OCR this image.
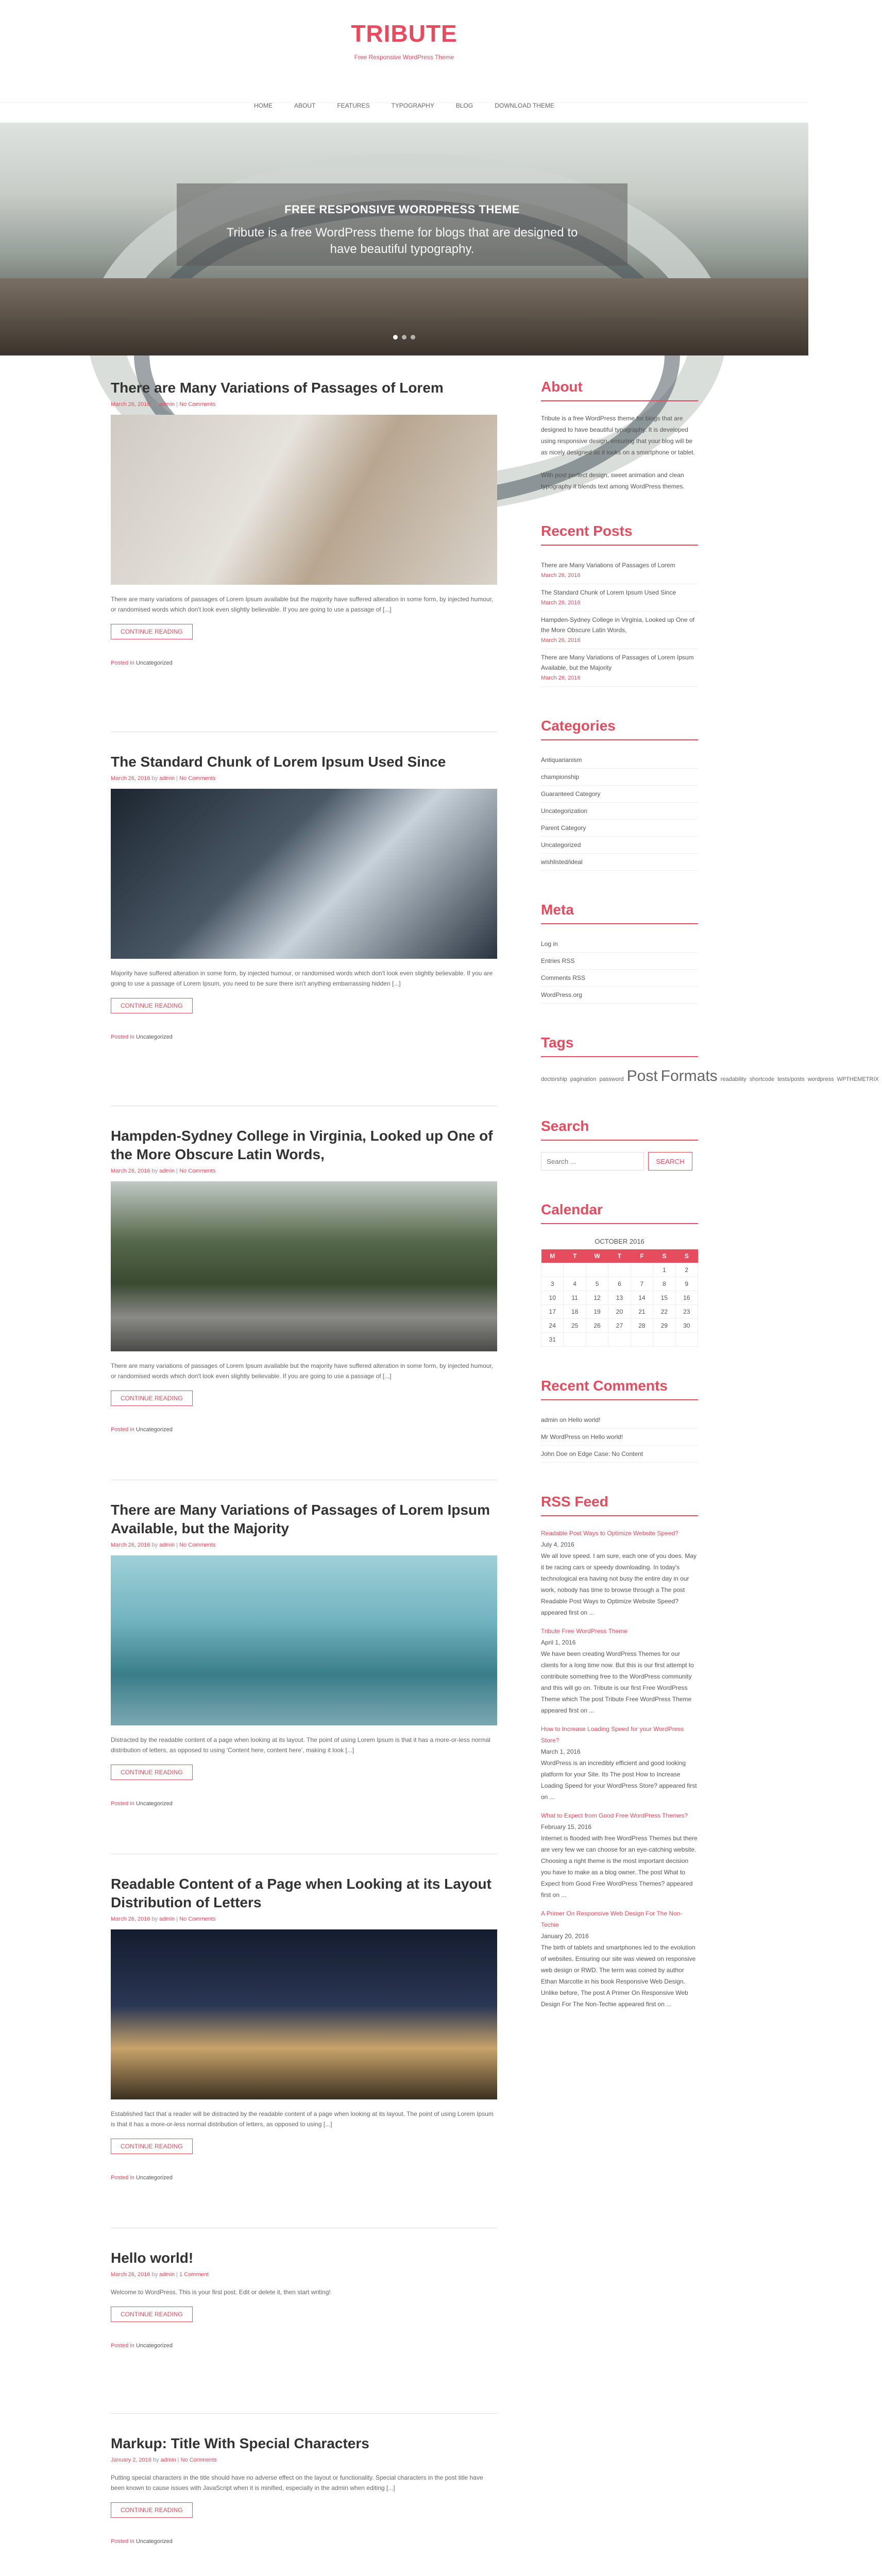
TRIBUTE
Free Responsive WordPress Theme
HOME	ABOUT	FEATURES	TYPOGRAPHY	BLOG	DOWNLOAD THEME
FREE RESPONSIVE WORDPRESS THEME

Tribute is a free WordPress theme for blogs that are designed to have beautiful typography.

There are Many Variations of Passages of Lorem
March 26, 2016 by admin | No Comments

There are many variations of passages of Lorem Ipsum available but the majority have suffered alteration in some form, by injected humour, or randomised words which don't look even slightly believable. If you are going to use a passage of [...]

CONTINUE READING
Posted in Uncategorized
The Standard Chunk of Lorem Ipsum Used Since
March 26, 2016 by admin | No Comments

Majority have suffered alteration in some form, by injected humour, or randomised words which don't look even slightly believable. If you are going to use a passage of Lorem Ipsum, you need to be sure there isn't anything embarrassing hidden [...]

CONTINUE READING
Posted in Uncategorized
Hampden-Sydney College in Virginia, Looked up One of the More Obscure Latin Words,
March 26, 2016 by admin | No Comments

There are many variations of passages of Lorem Ipsum available but the majority have suffered alteration in some form, by injected humour, or randomised words which don't look even slightly believable. If you are going to use a passage of [...]

CONTINUE READING
Posted in Uncategorized
There are Many Variations of Passages of Lorem Ipsum Available, but the Majority
March 26, 2016 by admin | No Comments

Distracted by the readable content of a page when looking at its layout. The point of using Lorem Ipsum is that it has a more-or-less normal distribution of letters, as opposed to using 'Content here, content here', making it look [...]

CONTINUE READING
Posted in Uncategorized
Readable Content of a Page when Looking at its Layout Distribution of Letters
March 26, 2016 by admin | No Comments

Established fact that a reader will be distracted by the readable content of a page when looking at its layout. The point of using Lorem Ipsum is that it has a more-or-less normal distribution of letters, as opposed to using [...]

CONTINUE READING
Posted in Uncategorized
Hello world!
March 26, 2016 by admin | 1 Comment

Welcome to WordPress. This is your first post. Edit or delete it, then start writing!

CONTINUE READING
Posted in Uncategorized
Markup: Title With Special Characters
January 2, 2016 by admin | No Comments

Putting special characters in the title should have no adverse effect on the layout or functionality. Special characters in the post title have been known to cause issues with JavaScript when it is minified, especially in the admin when editing [...]

CONTINUE READING
Posted in Uncategorized

About

Tribute is a free WordPress theme for blogs that are designed to have beautiful typography. It is developed using responsive design, ensuring that your blog will be as nicely designed as it looks on a smartphone or tablet.

With post perfect design, sweet animation and clean typography it blends text among WordPress themes.

Recent Posts
There are Many Variations of Passages of Lorem
March 26, 2016
The Standard Chunk of Lorem Ipsum Used Since
March 26, 2016
Hampden-Sydney College in Virginia, Looked up One of the More Obscure Latin Words,
March 26, 2016
There are Many Variations of Passages of Lorem Ipsum Available, but the Majority
March 26, 2016
Categories
Antiquarianism
championship
Guaranteed Category
Uncategorization
Parent Category
Uncategorized
wishlisted/ideal
Meta
Log in
Entries RSS
Comments RSS
WordPress.org
Tags
doctorship pagination password Post Formats readability shortcode tests/posts wordpress WPTHEMETRIX
Search
Search ...
SEARCH
Calendar
OCTOBER 2016
M	T	W	T	F	S	S
					1	2
3	4	5	6	7	8	9
10	11	12	13	14	15	16
17	18	19	20	21	22	23
24	25	26	27	28	29	30
31						
Recent Comments
admin on Hello world!
Mr WordPress on Hello world!
John Doe on Edge Case: No Content
RSS Feed
Readable Post Ways to Optimize Website Speed?
July 4, 2016

We all love speed. I am sure, each one of you does. May it be racing cars or speedy downloading. In today's technological era having not busy the entire day in our work, nobody has time to browse through a The post Readable Post Ways to Optimize Website Speed? appeared first on ...

Tribute Free WordPress Theme
April 1, 2016

We have been creating WordPress Themes for our clients for a long time now. But this is our first attempt to contribute something free to the WordPress community and this will go on. Tribute is our first Free WordPress Theme which The post Tribute Free WordPress Theme appeared first on ...

How to Increase Loading Speed for your WordPress Store?
March 1, 2016

WordPress is an incredibly efficient and good looking platform for your Site. Its The post How to Increase Loading Speed for your WordPress Store? appeared first on ...

What to Expect from Good Free WordPress Themes?
February 15, 2016

Internet is flooded with free WordPress Themes but there are very few we can choose for an eye-catching website. Choosing a right theme is the most important decision you have to make as a blog owner. The post What to Expect from Good Free WordPress Themes? appeared first on ...

A Primer On Responsive Web Design For The Non-Techie
January 20, 2016

The birth of tablets and smartphones led to the evolution of websites. Ensuring our site was viewed on responsive web design or RWD. The term was coined by author Ethan Marcotte in his book Responsive Web Design. Unlike before, The post A Primer On Responsive Web Design For The Non-Techie appeared first on ...
